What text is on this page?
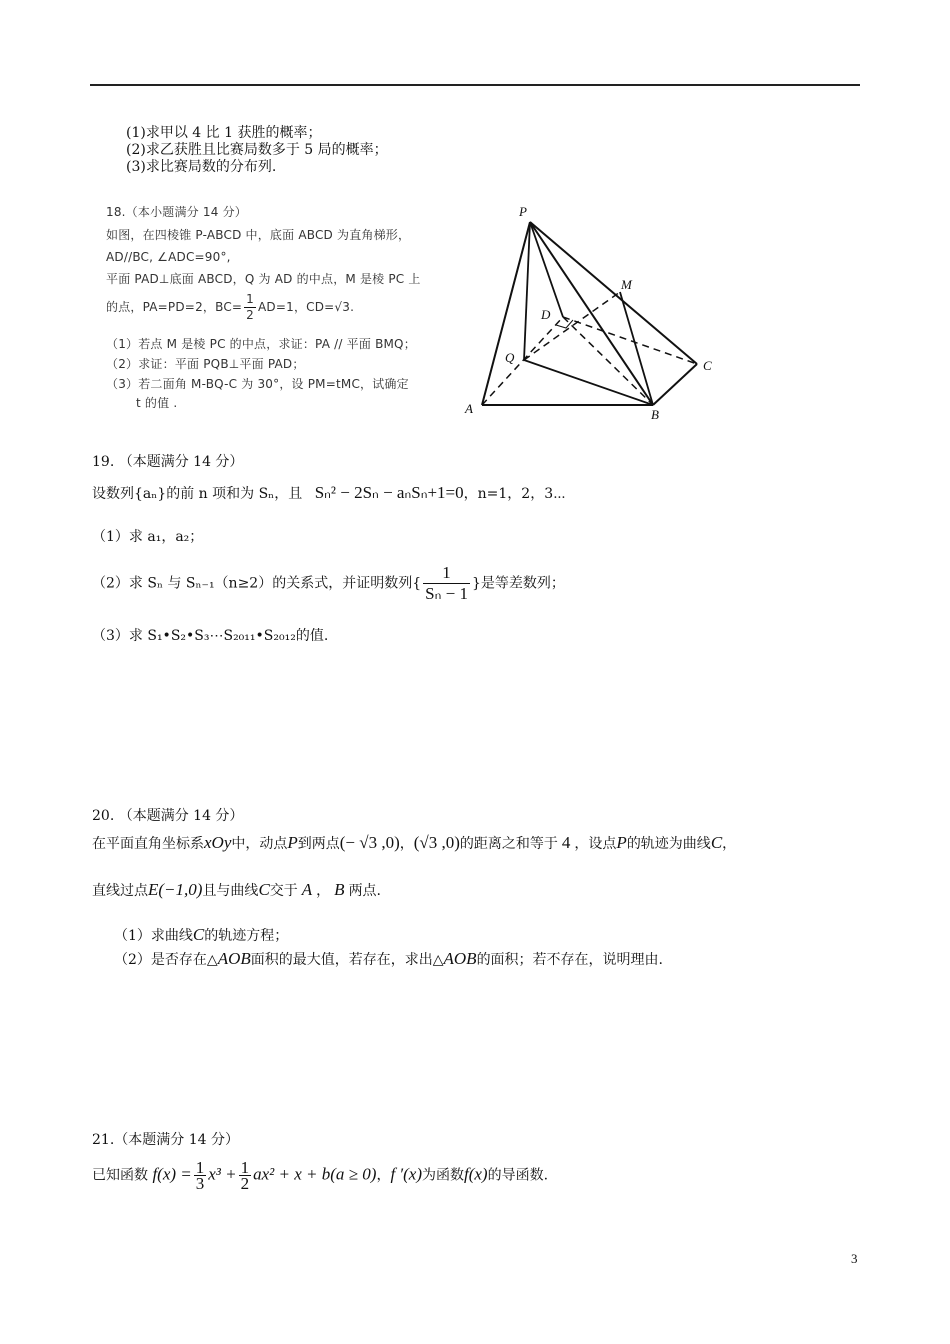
(1)求甲以 4 比 1 获胜的概率；
(2)求乙获胜且比赛局数多于 5 局的概率；
(3)求比赛局数的分布列.
18.（本小题满分 14 分）
如图，在四棱锥 P-ABCD 中，底面 ABCD 为直角梯形，
AD//BC, ∠ADC=90°,
平面 PAD⊥底面 ABCD，Q 为 AD 的中点，M 是棱 PC 上
的点，PA=PD=2，$BC= \frac{1}{2} AD=1$，CD=√3.
（1）若点 M 是棱 PC 的中点，求证：PA // 平面 BMQ；
（2）求证：平面 PQB⊥平面 PAD；
（3）若二面角 M-BQ-C 为 30°，设 PM=tMC，试确定
t 的值 .
P
M
D
Q
C
A	B
19. （本题满分 14 分）
设数列{aₙ}的前 n 项和为 Sₙ，且 Sₙ² − 2Sₙ − aₙSₙ+1=0，n=1，2，3⋯
（1）求 a₁，a₂；
（2）求 Sₙ 与 Sₙ₋₁（n≥2）的关系式，并证明数列{ $\frac{1}{\text{Sₙ − 1}}$ }是等差数列；
（3）求 S₁•S₂•S₃⋯S₂₀₁₁•S₂₀₁₂的值.
20. （本题满分 14 分）
在平面直角坐标系xOy中，动点P到两点(− √3 ,0)，(√3 ,0)的距离之和等于 4 ，设点P的轨迹为曲线C，
直线过点E(−1,0)且与曲线C交于 A ， B 两点.
（1）求曲线C的轨迹方程；
（2）是否存在△AOB面积的最大值，若存在，求出△AOB的面积；若不存在，说明理由.
21.（本题满分 14 分）
已知函数 $f(x) = \frac{1}{3} x^3 + \frac{1}{2} ax^2 + x + b(a \ge 0)$，f ′(x)为函数f(x)的导函数.
3
